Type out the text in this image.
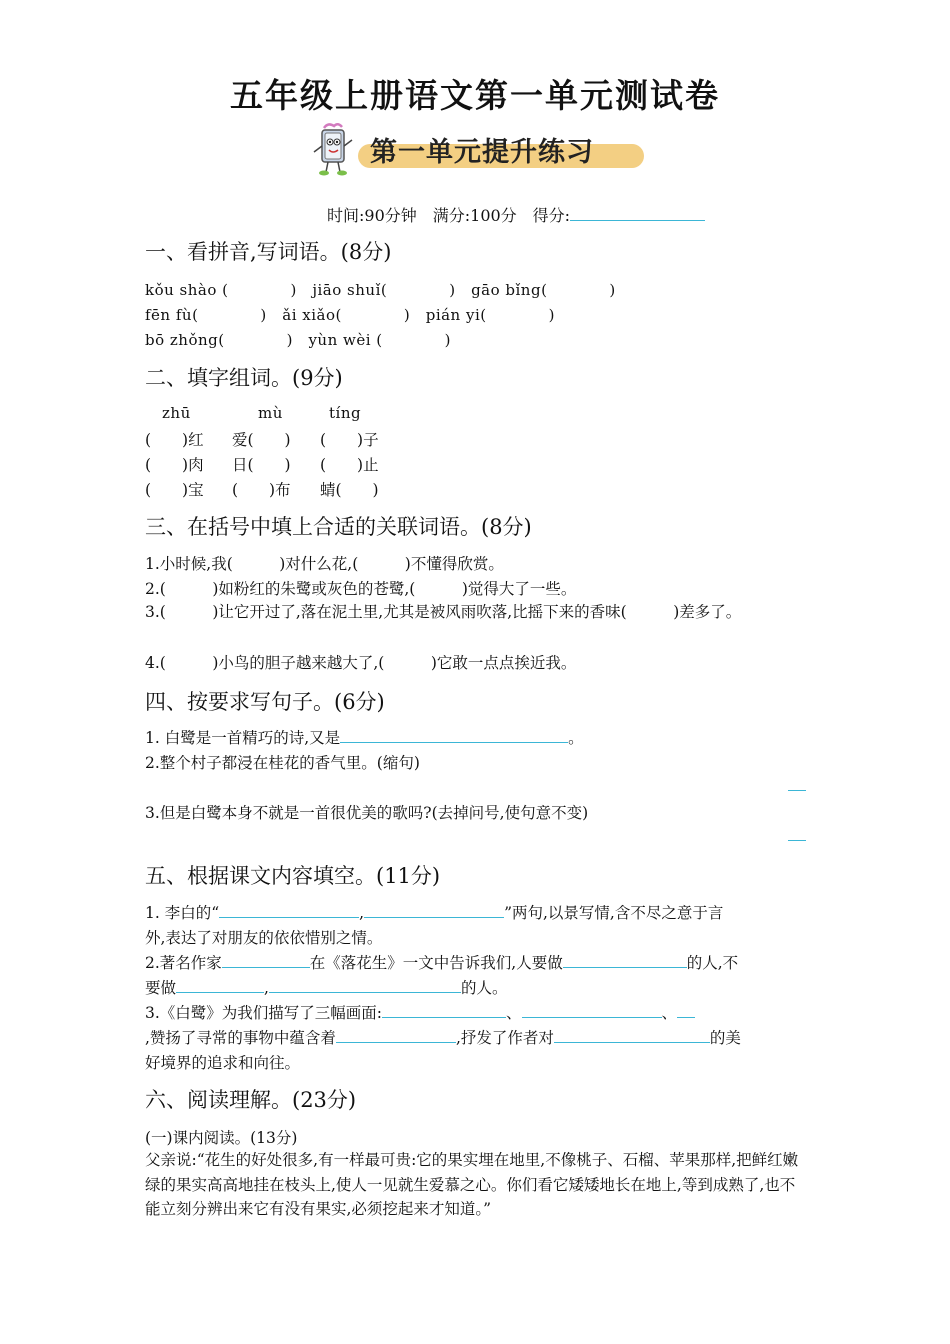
五年级上册语文第一单元测试卷
第一单元提升练习
时间:90分钟　满分:100分　得分:
一、看拼音,写词语。(8分)
kǒu shào (　　　　)　jiāo shuǐ(　　　　)　gāo bǐng(　　　　)
fēn fù(　　　　)　ǎi xiǎo(　　　　)　pián yi(　　　　)
bō zhǒng(　　　　)　yùn wèi (　　　　)
二、填字组词。(9分)
zhū	mù	tíng
(　　)红 爱(　　) (　　)子
(　　)肉 日(　　) (　　)止
(　　)宝 (　　)布 蜻(　　)
三、在括号中填上合适的关联词语。(8分)
1.小时候,我(　　　)对什么花,(　　　)不懂得欣赏。
2.(　　　)如粉红的朱鹭或灰色的苍鹭,(　　　)觉得大了一些。
3.(　　　)让它开过了,落在泥土里,尤其是被风雨吹落,比摇下来的香味(　　　)差多了。
4.(　　　)小鸟的胆子越来越大了,(　　　)它敢一点点挨近我。
四、按要求写句子。(6分)
1. 白鹭是一首精巧的诗,又是	。
2.整个村子都浸在桂花的香气里。(缩句)
3.但是白鹭本身不就是一首很优美的歌吗?(去掉问号,使句意不变)
五、根据课文内容填空。(11分)
1. 李白的“	,	”两句,以景写情,含不尽之意于言
外,表达了对朋友的依依惜别之情。
2.著名作家	在《落花生》一文中告诉我们,人要做	的人,不
要做	,	的人。
3.《白鹭》为我们描写了三幅画面:	、	、
,赞扬了寻常的事物中蕴含着	,抒发了作者对	的美
好境界的追求和向往。
六、阅读理解。(23分)
(一)课内阅读。(13分)
父亲说:“花生的好处很多,有一样最可贵:它的果实埋在地里,不像桃子、石榴、苹果那样,把鲜红嫩绿的果实高高地挂在枝头上,使人一见就生爱慕之心。你们看它矮矮地长在地上,等到成熟了,也不能立刻分辨出来它有没有果实,必须挖起来才知道。”
